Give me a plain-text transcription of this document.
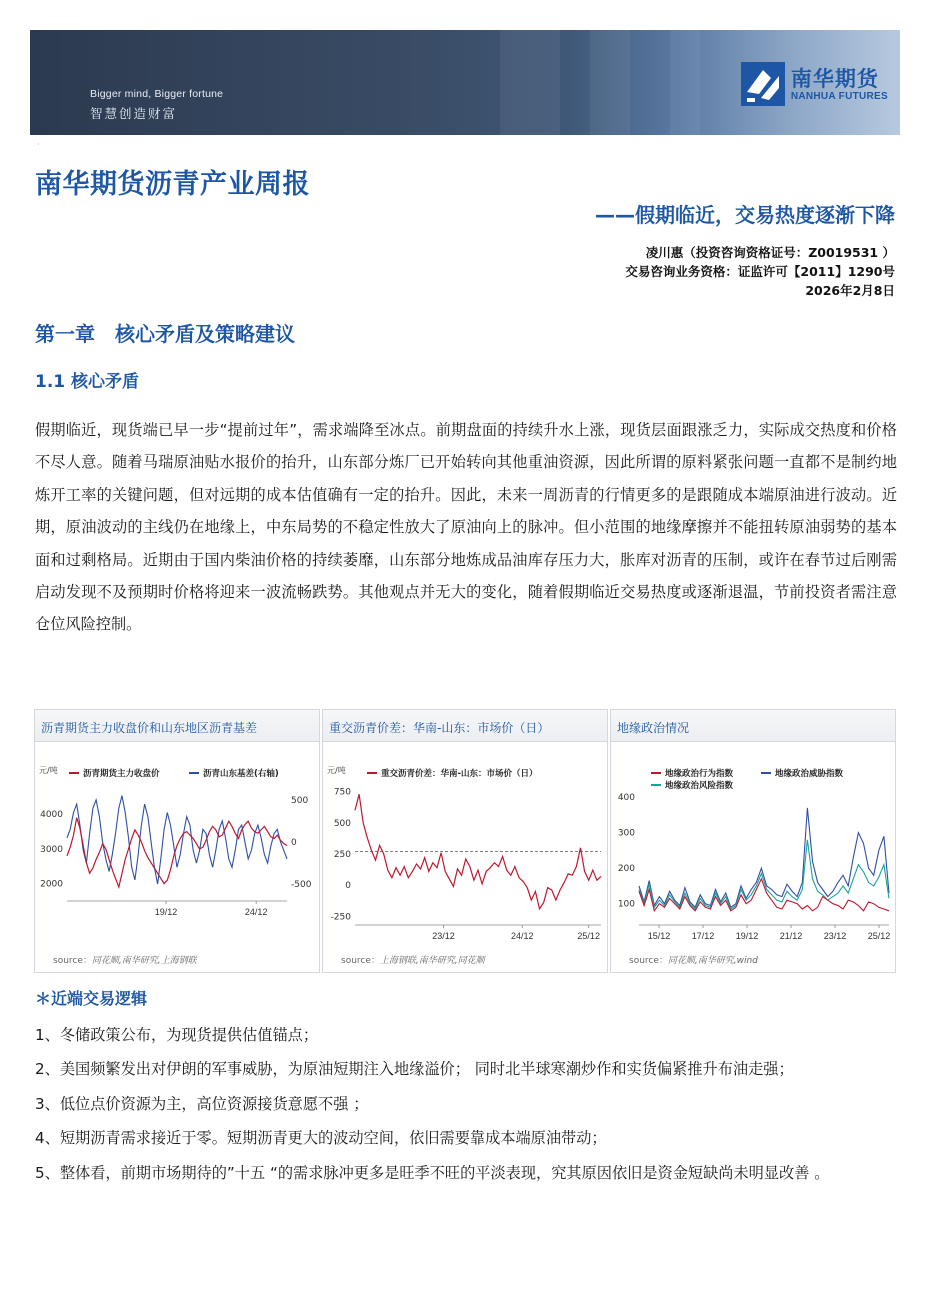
Bigger mind, Bigger fortune
智慧创造财富
南华期货
NANHUA FUTURES
·
南华期货沥青产业周报
——假期临近，交易热度逐渐下降
凌川惠（投资咨询资格证号：Z0019531 ）
交易咨询业务资格：证监许可【2011】1290号
2026年2月8日
第一章　核心矛盾及策略建议
1.1 核心矛盾

假期临近，现货端已早一步“提前过年”，需求端降至冰点。前期盘面的持续升水上涨，现货层面跟涨乏力，实际成交热度和价格不尽人意。随着马瑞原油贴水报价的抬升，山东部分炼厂已开始转向其他重油资源，因此所谓的原料紧张问题一直都不是制约地炼开工率的关键问题，但对远期的成本估值确有一定的抬升。因此，未来一周沥青的行情更多的是跟随成本端原油进行波动。近期，原油波动的主线仍在地缘上，中东局势的不稳定性放大了原油向上的脉冲。但小范围的地缘摩擦并不能扭转原油弱势的基本面和过剩格局。近期由于国内柴油价格的持续萎靡，山东部分地炼成品油库存压力大，胀库对沥青的压制，或许在春节过后刚需启动发现不及预期时价格将迎来一波流畅跌势。其他观点并无大的变化，随着假期临近交易热度或逐渐退温，节前投资者需注意仓位风险控制。

沥青期货主力收盘价和山东地区沥青基差
元/吨	沥青期货主力收盘价	沥青山东基差(右轴)
2000
3000
4000
-500
0
500
19/12	24/12
source：同花顺,南华研究,上海钢联
重交沥青价差：华南-山东：市场价（日）
元/吨	重交沥青价差：华南-山东：市场价（日）
-250
0
250
500
750
23/12	24/12	25/12
source：上海钢联,南华研究,同花顺
地缘政治情况
地缘政治行为指数	地缘政治威胁指数
地缘政治风险指数
100
200
300
400
15/12 17/12 19/12 21/12 23/12 25/12
source：同花顺,南华研究,wind
＊近端交易逻辑

1、冬储政策公布，为现货提供估值锚点；

2、美国频繁发出对伊朗的军事威胁，为原油短期注入地缘溢价； 同时北半球寒潮炒作和实货偏紧推升布油走强；

3、低位点价资源为主，高位资源接货意愿不强 ；

4、短期沥青需求接近于零。短期沥青更大的波动空间，依旧需要靠成本端原油带动；

5、整体看，前期市场期待的”十五 “的需求脉冲更多是旺季不旺的平淡表现，究其原因依旧是资金短缺尚未明显改善 。
